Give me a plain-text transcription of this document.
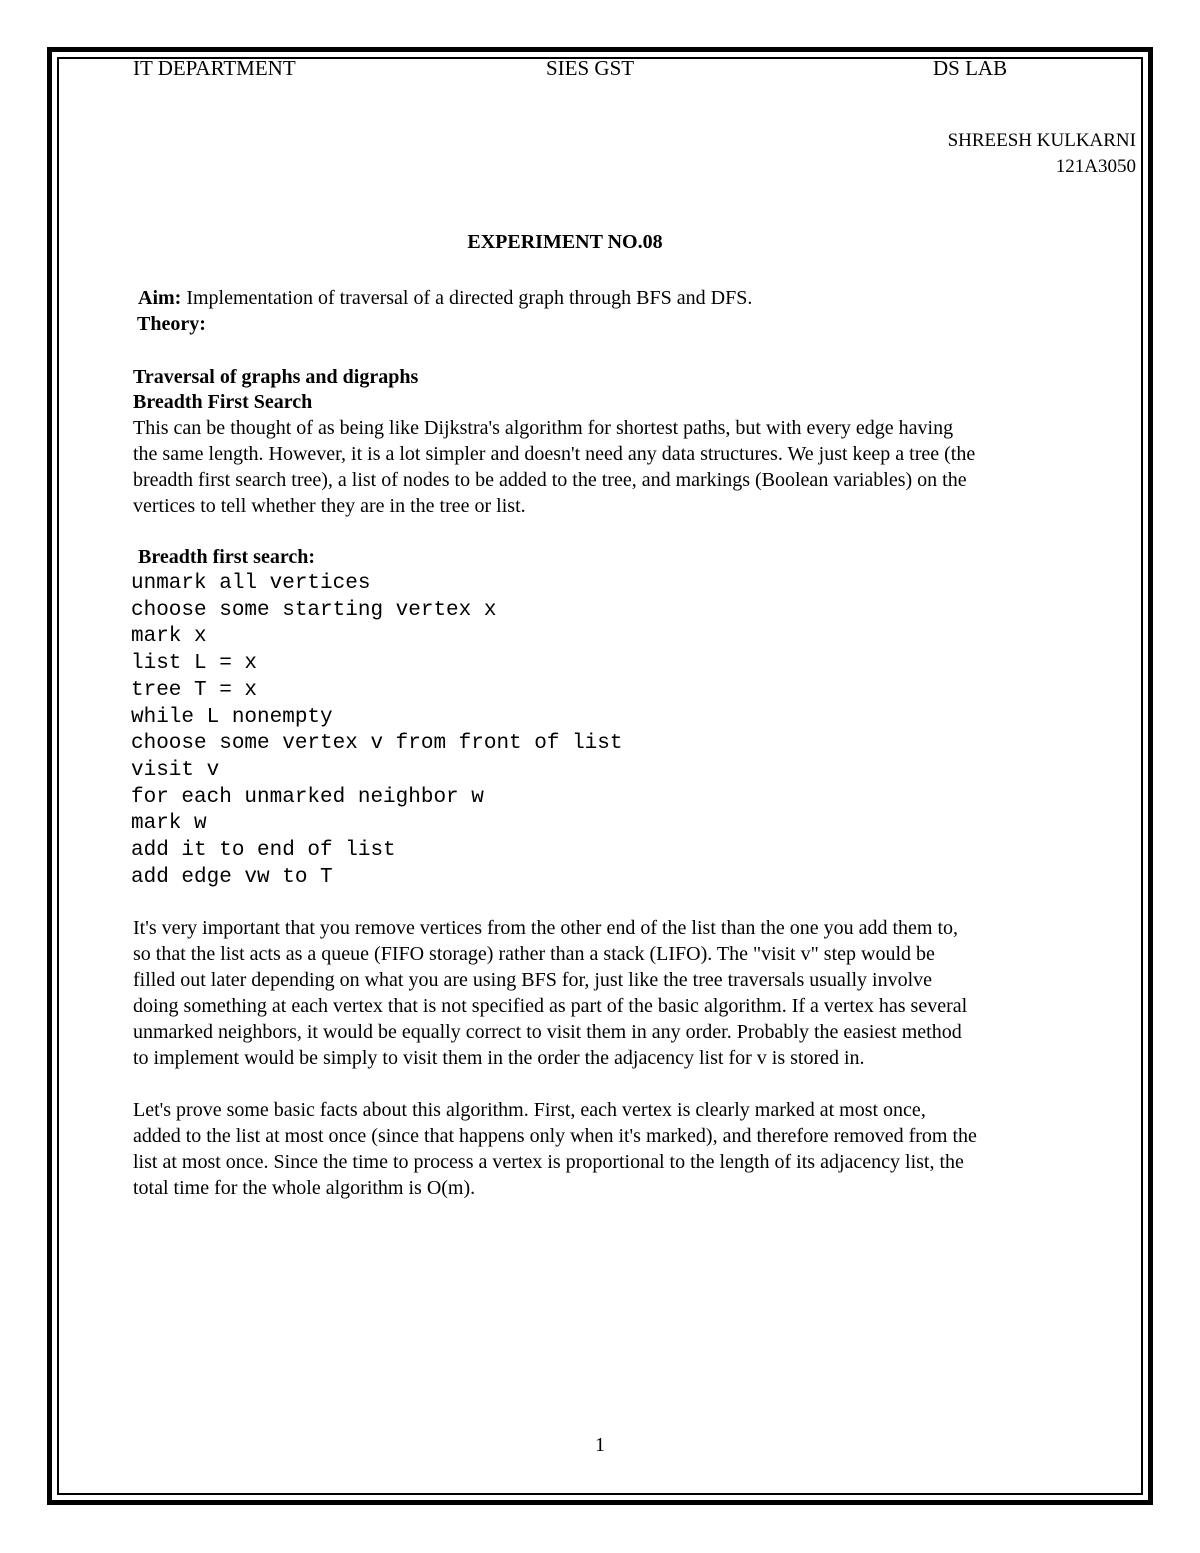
IT DEPARTMENT	SIES GST	DS LAB
SHREESH KULKARNI
121A3050
EXPERIMENT NO.08
Aim: Implementation of traversal of a directed graph through BFS and DFS.
Theory:
Traversal of graphs and digraphs
Breadth First Search
This can be thought of as being like Dijkstra's algorithm for shortest paths, but with every edge having
the same length. However, it is a lot simpler and doesn't need any data structures. We just keep a tree (the
breadth first search tree), a list of nodes to be added to the tree, and markings (Boolean variables) on the
vertices to tell whether they are in the tree or list.
Breadth first search:
unmark all vertices
choose some starting vertex x
mark x
list L = x
tree T = x
while L nonempty
choose some vertex v from front of list
visit v
for each unmarked neighbor w
mark w
add it to end of list
add edge vw to T
It's very important that you remove vertices from the other end of the list than the one you add them to,
so that the list acts as a queue (FIFO storage) rather than a stack (LIFO). The "visit v" step would be
filled out later depending on what you are using BFS for, just like the tree traversals usually involve
doing something at each vertex that is not specified as part of the basic algorithm. If a vertex has several
unmarked neighbors, it would be equally correct to visit them in any order. Probably the easiest method
to implement would be simply to visit them in the order the adjacency list for v is stored in.
Let's prove some basic facts about this algorithm. First, each vertex is clearly marked at most once,
added to the list at most once (since that happens only when it's marked), and therefore removed from the
list at most once. Since the time to process a vertex is proportional to the length of its adjacency list, the
total time for the whole algorithm is O(m).
1
